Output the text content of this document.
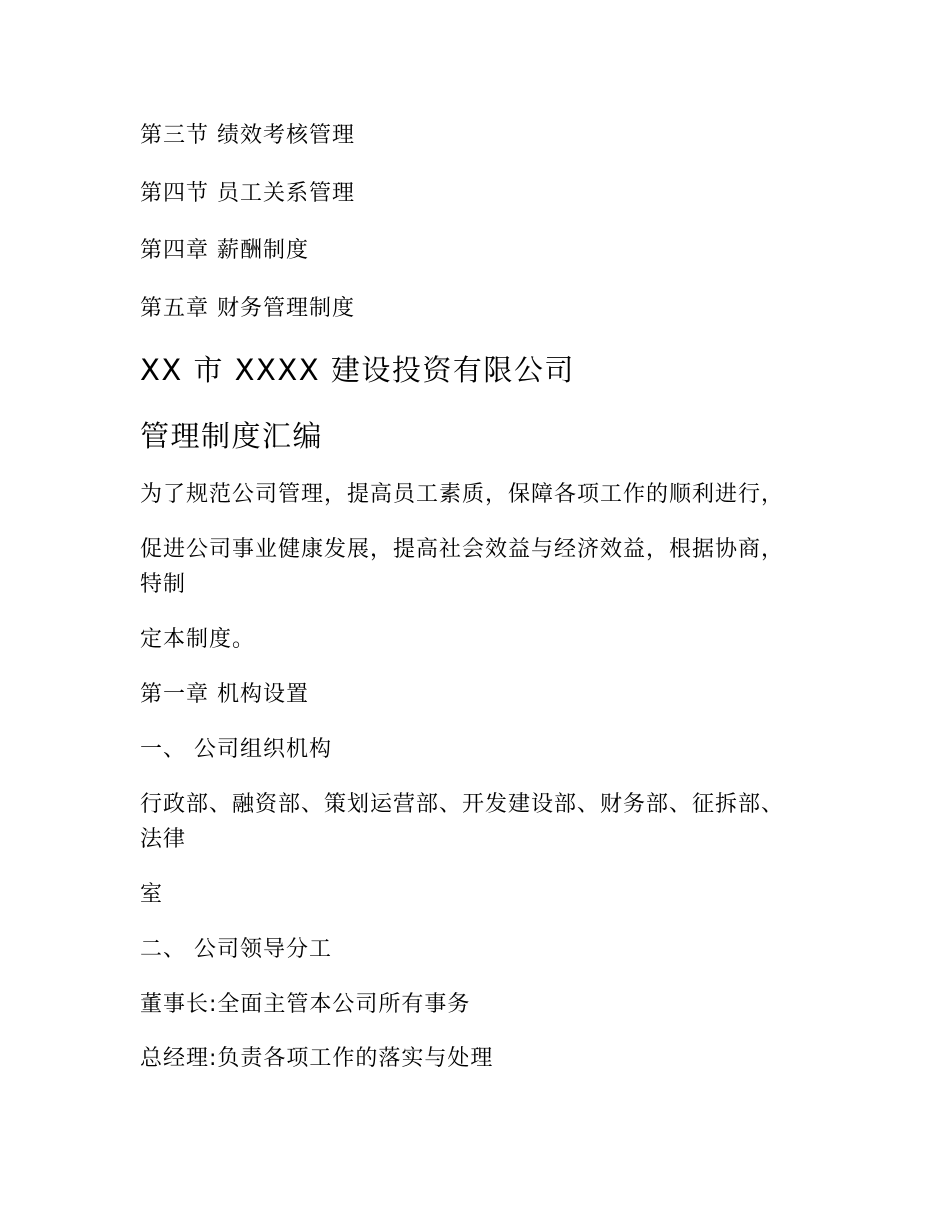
第三节 绩效考核管理

第四节 员工关系管理

第四章 薪酬制度

第五章 财务管理制度

XX 市 XXXX 建设投资有限公司
管理制度汇编

为了规范公司管理，提高员工素质，保障各项工作的顺利进行，

促进公司事业健康发展，提高社会效益与经济效益，根据协商，

特制

定本制度。

第一章 机构设置

一、 公司组织机构

行政部、融资部、策划运营部、开发建设部、财务部、征拆部、

法律

室

二、 公司领导分工

董事长:全面主管本公司所有事务

总经理:负责各项工作的落实与处理
